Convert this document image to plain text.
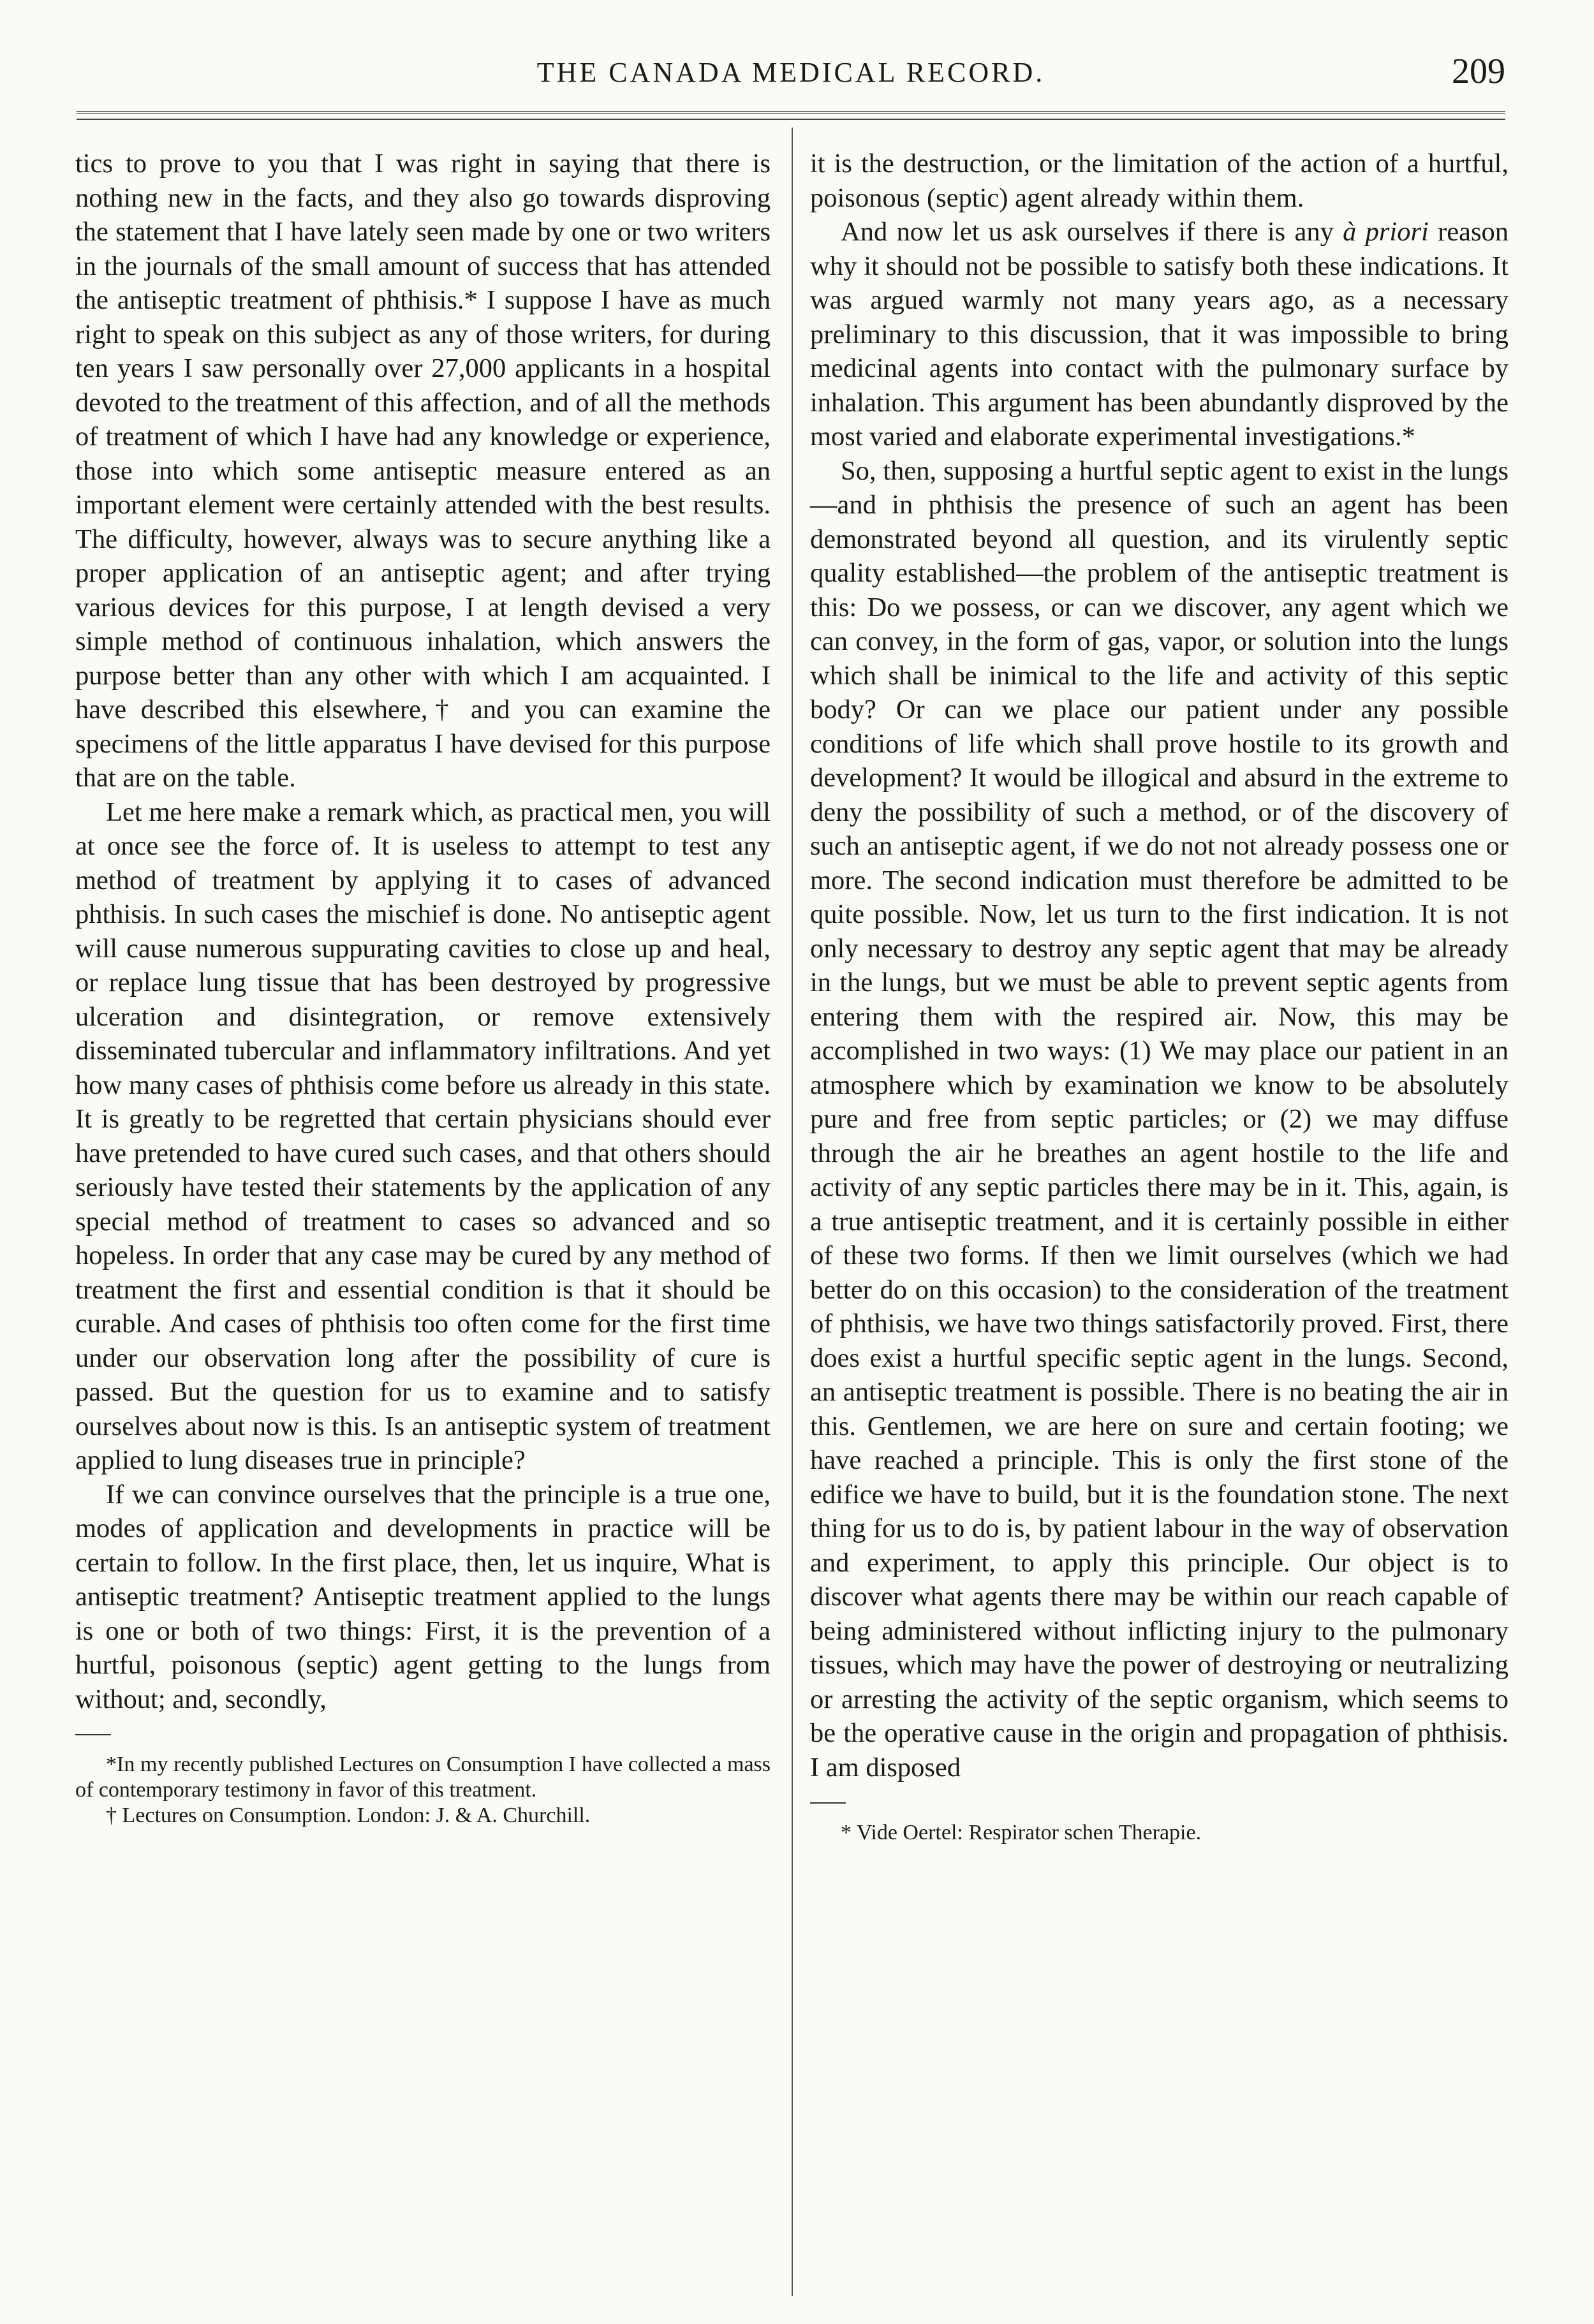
THE CANADA MEDICAL RECORD.	209

tics to prove to you that I was right in saying that there is nothing new in the facts, and they also go towards disproving the statement that I have lately seen made by one or two writers in the journals of the small amount of success that has attended the antiseptic treatment of phthisis.* I suppose I have as much right to speak on this subject as any of those writers, for during ten years I saw personally over 27,000 applicants in a hospital devoted to the treatment of this affection, and of all the methods of treatment of which I have had any knowledge or experience, those into which some antiseptic measure entered as an important element were certainly attended with the best results. The difficulty, however, always was to secure anything like a proper application of an antiseptic agent; and after trying various devices for this purpose, I at length devised a very simple method of continuous inhalation, which answers the purpose better than any other with which I am acquainted. I have described this elsewhere,† and you can examine the specimens of the little apparatus I have devised for this purpose that are on the table.

Let me here make a remark which, as practical men, you will at once see the force of. It is useless to attempt to test any method of treatment by applying it to cases of advanced phthisis. In such cases the mischief is done. No antiseptic agent will cause numerous suppurating cavities to close up and heal, or replace lung tissue that has been destroyed by progressive ulceration and disintegration, or remove extensively disseminated tubercular and inflammatory infiltrations. And yet how many cases of phthisis come before us already in this state. It is greatly to be regretted that certain physicians should ever have pretended to have cured such cases, and that others should seriously have tested their statements by the application of any special method of treatment to cases so advanced and so hopeless. In order that any case may be cured by any method of treatment the first and essential condition is that it should be curable. And cases of phthisis too often come for the first time under our observation long after the possibility of cure is passed. But the question for us to examine and to satisfy ourselves about now is this. Is an antiseptic system of treatment applied to lung diseases true in principle?

If we can convince ourselves that the principle is a true one, modes of application and developments in practice will be certain to follow. In the first place, then, let us inquire, What is antiseptic treatment? Antiseptic treatment applied to the lungs is one or both of two things: First, it is the prevention of a hurtful, poisonous (septic) agent getting to the lungs from without; and, secondly,

*In my recently published Lectures on Consumption I have collected a mass of contemporary testimony in favor of this treatment.

† Lectures on Consumption. London: J. & A. Churchill.

it is the destruction, or the limitation of the action of a hurtful, poisonous (septic) agent already within them.

And now let us ask ourselves if there is any à priori reason why it should not be possible to satisfy both these indications. It was argued warmly not many years ago, as a necessary preliminary to this discussion, that it was impossible to bring medicinal agents into contact with the pulmonary surface by inhalation. This argument has been abundantly disproved by the most varied and elaborate experimental investigations.*

So, then, supposing a hurtful septic agent to exist in the lungs—and in phthisis the presence of such an agent has been demonstrated beyond all question, and its virulently septic quality established—the problem of the antiseptic treatment is this: Do we possess, or can we discover, any agent which we can convey, in the form of gas, vapor, or solution into the lungs which shall be inimical to the life and activity of this septic body? Or can we place our patient under any possible conditions of life which shall prove hostile to its growth and development? It would be illogical and absurd in the extreme to deny the possibility of such a method, or of the discovery of such an antiseptic agent, if we do not not already possess one or more. The second indication must therefore be admitted to be quite possible. Now, let us turn to the first indication. It is not only necessary to destroy any septic agent that may be already in the lungs, but we must be able to prevent septic agents from entering them with the respired air. Now, this may be accomplished in two ways: (1) We may place our patient in an atmosphere which by examination we know to be absolutely pure and free from septic particles; or (2) we may diffuse through the air he breathes an agent hostile to the life and activity of any septic particles there may be in it. This, again, is a true antiseptic treatment, and it is certainly possible in either of these two forms. If then we limit ourselves (which we had better do on this occasion) to the consideration of the treatment of phthisis, we have two things satisfactorily proved. First, there does exist a hurtful specific septic agent in the lungs. Second, an antiseptic treatment is possible. There is no beating the air in this. Gentlemen, we are here on sure and certain footing; we have reached a principle. This is only the first stone of the edifice we have to build, but it is the foundation stone. The next thing for us to do is, by patient labour in the way of observation and experiment, to apply this principle. Our object is to discover what agents there may be within our reach capable of being administered without inflicting injury to the pulmonary tissues, which may have the power of destroying or neutralizing or arresting the activity of the septic organism, which seems to be the operative cause in the origin and propagation of phthisis. I am disposed

* Vide Oertel: Respirator schen Therapie.
